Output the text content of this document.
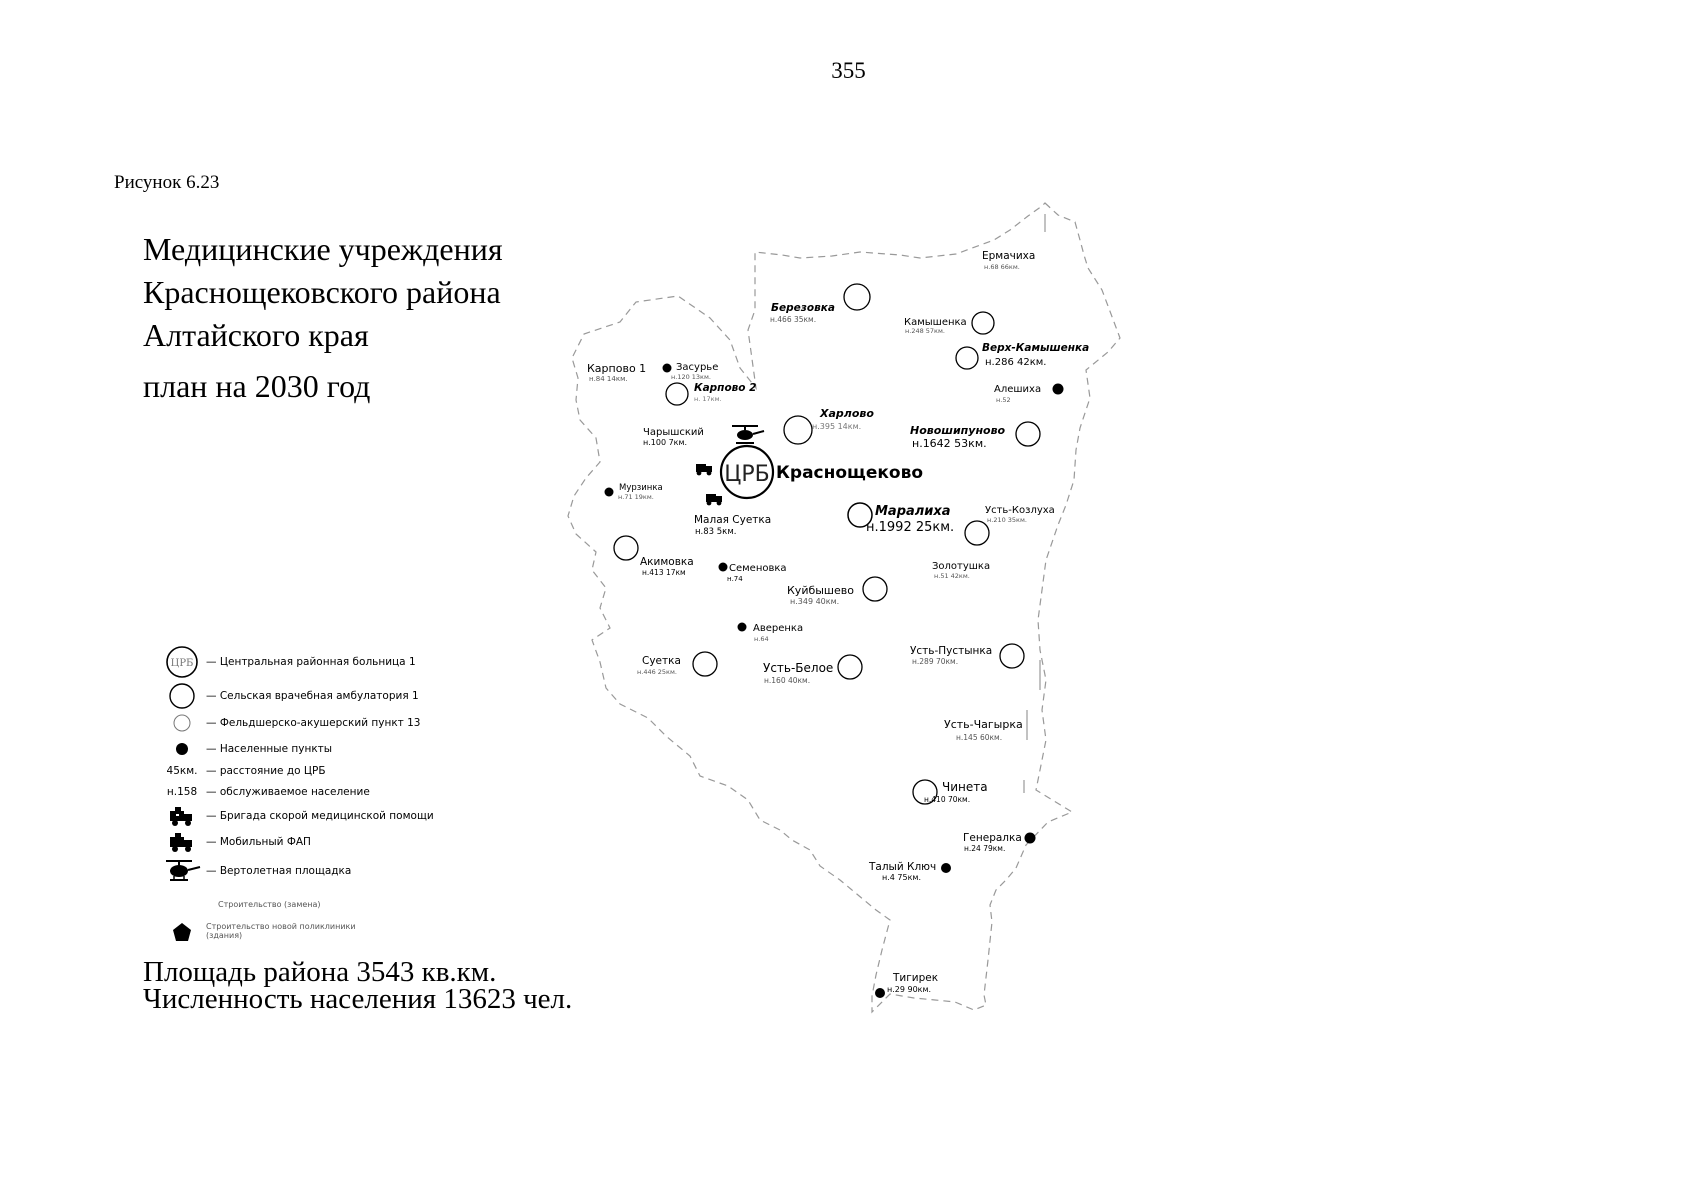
355
Рисунок 6.23
Медицинские учреждения
Краснощековского района
Алтайского края
план на 2030 год
ЦРБ — Центральная районная больница 1
— Сельская врачебная амбулатория 1
— Фельдшерско-акушерский пункт 13
— Населенные пункты
45км. — расстояние до ЦРБ
н.158 — обслуживаемое население
— Бригада скорой медицинской помощи
— Мобильный ФАП
— Вертолетная площадка
Строительство (замена)
Строительство новой поликлиники (здания)
Площадь района 3543 кв.км.
Численность населения 13623 чел.
ЦРБ Краснощеково
Ермачиха
н.68 66км.
Березовка
н.466 35км.	Камышенка
н.248 57км.
Верх-Камышенка
н.286 42км.
Карпово 1
н.84 14км.
Засурье
н.120 13км.
Карпово 2
н. 17км.
Алешиха
н.52
Харлово
н.395 14км.	Новошипуново
н.1642 53км.
Чарышский
н.100 7км.
Мурзинка
н.71 19км.
Маралиха
н.1992 25км.
Усть-Козлуха
н.210 35км.
Малая Суетка
н.83 5км.
Акимовка
н.413 17км	Семеновка
н.74
Золотушка
н.51 42км.
Куйбышево
н.349 40км.
Аверенка
н.64
Суетка
н.446 25км.	Усть-Белое
н.160 40км.
Усть-Пустынка
н.289 70км.
Усть-Чагырка
н.145 60км.
Чинета
н.410 70км.
Генералка
н.24 79км.
Талый Ключ
н.4 75км.
Тигирек
н.29 90км.
